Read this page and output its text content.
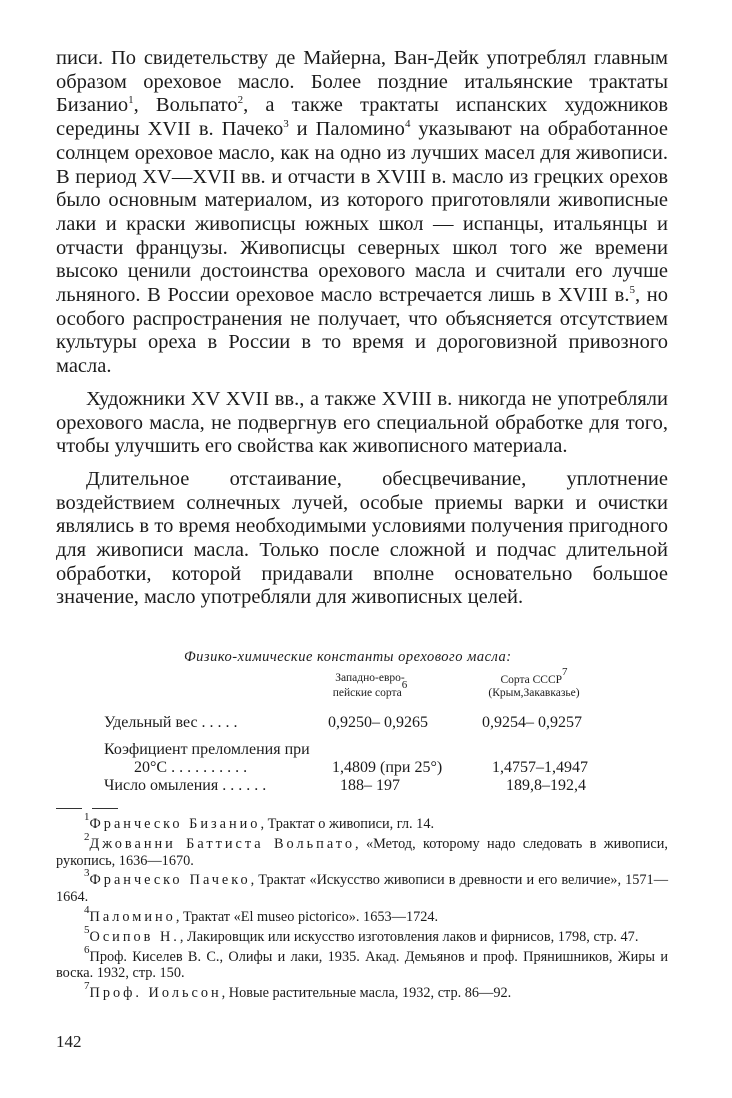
писи. По свидетельству де Майерна, Ван-Дейк употреблял главным образом ореховое масло. Более поздние итальянские трактаты Бизанио$^1$, Вольпато$^2$, а также трактаты испанских художников середины XVII в. Пачеко$^3$ и Паломино$^4$ указывают на обработанное солнцем ореховое масло, как на одно из лучших масел для живописи. В период XV—XVII вв. и отчасти в XVIII в. масло из грецких орехов было основным материалом, из которого приготовляли живописные лаки и краски живописцы южных школ — испанцы, итальянцы и отчасти французы. Живописцы северных школ того же времени высоко ценили достоинства орехового масла и считали его лучше льняного. В России ореховое масло встречается лишь в XVIII в.$^5$, но особого распространения не получает, что объясняется отсутствием культуры ореха в России в то время и дороговизной привозного масла.

Художники XV XVII вв., а также XVIII в. никогда не употребляли орехового масла, не подвергнув его специальной обработке для того, чтобы улучшить его свойства как живописного материала.

Длительное отстаивание, обесцвечивание, уплотнение воздействием солнечных лучей, особые приемы варки и очистки являлись в то время необходимыми условиями получения пригодного для живописи масла. Только после сложной и подчас длительной обработки, которой придавали вполне основательно большое значение, масло употребляли для живописных целей.

Физико-химические константы орехового масла:
Западно-евро-
пейские сорта$^6$	Сорта СССР$^7$
(Крым,Закавказье)
Удельный вес . . . . .	0,9250– 0,9265	0,9254– 0,9257
Коэфициент преломления при
20°С . . . . . . . . . .	1,4809 (при 25°)	1,4757–1,4947
Число омыления . . . . . .	188– 197	189,8–192,4

$^1$Франческо Бизанио, Трактат о живописи, гл. 14.

$^2$Джованни Баттиста Вольпато, «Метод, которому надо следовать в живописи, рукопись, 1636—1670.

$^3$Франческо Пачеко, Трактат «Искусство живописи в древности и его величие», 1571—1664.

$^4$Паломино, Трактат «El museo pictorico». 1653—1724.

$^5$Осипов Н., Лакировщик или искусство изготовления лаков и фирнисов, 1798, стр. 47.

$^6$Проф. Киселев В. С., Олифы и лаки, 1935. Акад. Демьянов и проф. Прянишников, Жиры и воска. 1932, стр. 150.

$^7$Проф. Иольсон, Новые растительные масла, 1932, стр. 86—92.

142
